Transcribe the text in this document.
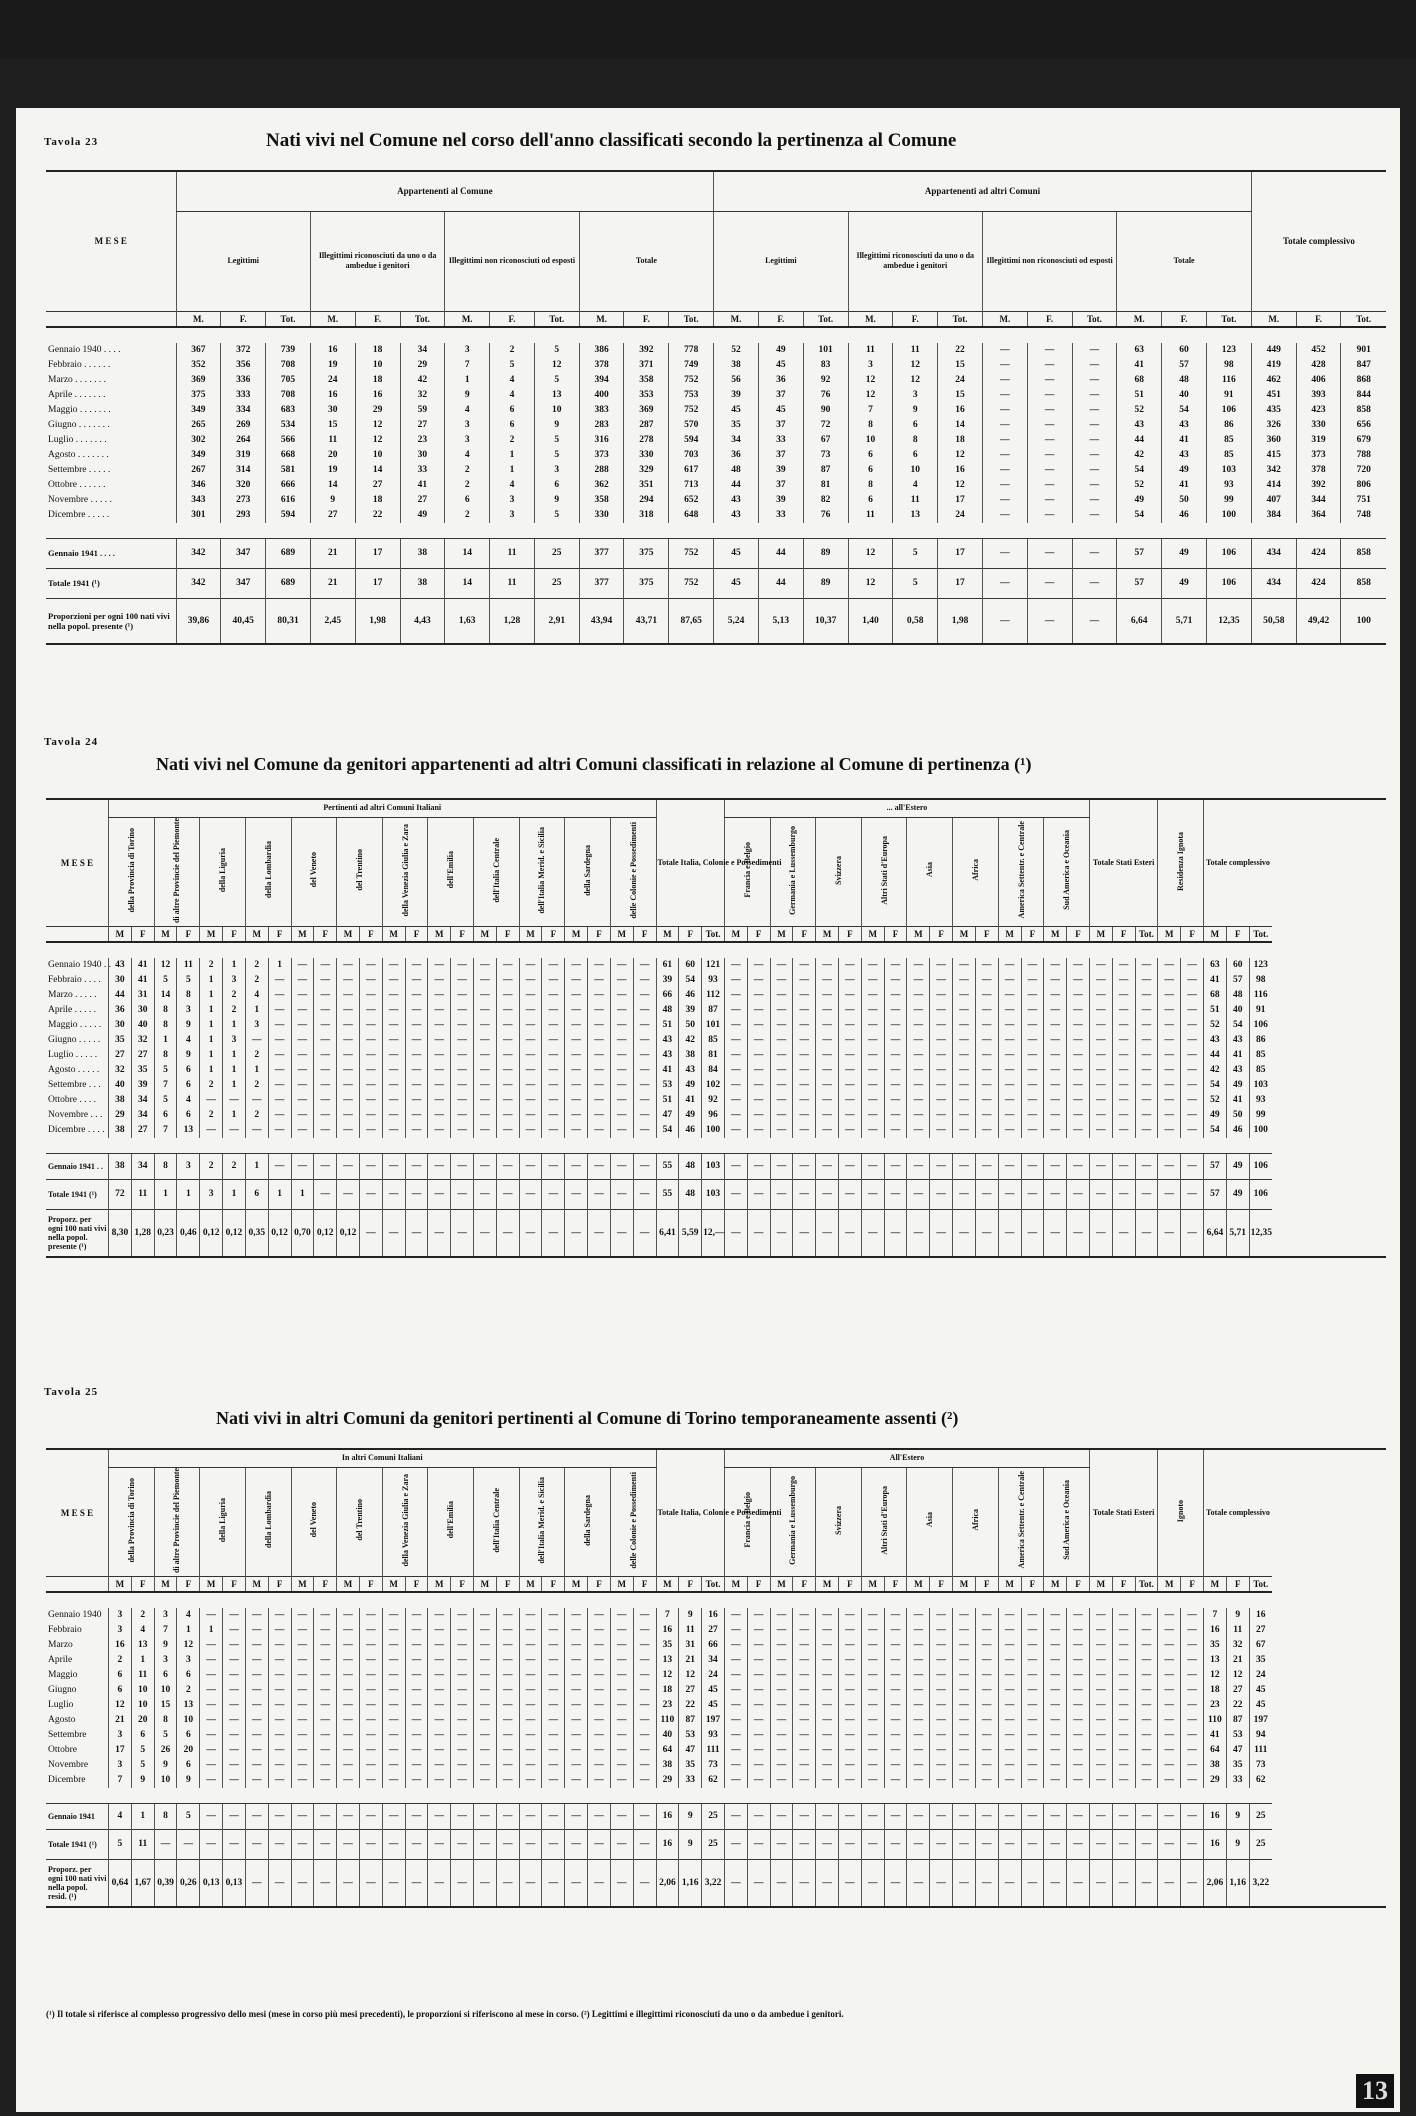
Tavola 23	Nati vivi nel Comune nel corso dell'anno classificati secondo la pertinenza al Comune
M E S E	Appartenenti al Comune												Appartenenti ad altri Comuni												Totale complessivo		
	Legittimi			Illegittimi riconosciuti da uno o da ambedue i genitori			Illegittimi non riconosciuti od esposti			Totale			Legittimi			Illegittimi riconosciuti da uno o da ambedue i genitori			Illegittimi non riconosciuti od esposti			Totale					
	M.	F.	Tot.	M.	F.	Tot.	M.	F.	Tot.	M.	F.	Tot.	M.	F.	Tot.	M.	F.	Tot.	M.	F.	Tot.	M.	F.	Tot.	M.	F.	Tot.

Gennaio 1940 . . . .	367	372	739	16	18	34	3	2	5	386	392	778	52	49	101	11	11	22	—	—	—	63	60	123	449	452	901
Febbraio . . . . . .	352	356	708	19	10	29	7	5	12	378	371	749	38	45	83	3	12	15	—	—	—	41	57	98	419	428	847
Marzo . . . . . . .	369	336	705	24	18	42	1	4	5	394	358	752	56	36	92	12	12	24	—	—	—	68	48	116	462	406	868
Aprile . . . . . . .	375	333	708	16	16	32	9	4	13	400	353	753	39	37	76	12	3	15	—	—	—	51	40	91	451	393	844
Maggio . . . . . . .	349	334	683	30	29	59	4	6	10	383	369	752	45	45	90	7	9	16	—	—	—	52	54	106	435	423	858
Giugno . . . . . . .	265	269	534	15	12	27	3	6	9	283	287	570	35	37	72	8	6	14	—	—	—	43	43	86	326	330	656
Luglio . . . . . . .	302	264	566	11	12	23	3	2	5	316	278	594	34	33	67	10	8	18	—	—	—	44	41	85	360	319	679
Agosto . . . . . . .	349	319	668	20	10	30	4	1	5	373	330	703	36	37	73	6	6	12	—	—	—	42	43	85	415	373	788
Settembre . . . . .	267	314	581	19	14	33	2	1	3	288	329	617	48	39	87	6	10	16	—	—	—	54	49	103	342	378	720
Ottobre . . . . . .	346	320	666	14	27	41	2	4	6	362	351	713	44	37	81	8	4	12	—	—	—	52	41	93	414	392	806
Novembre . . . . .	343	273	616	9	18	27	6	3	9	358	294	652	43	39	82	6	11	17	—	—	—	49	50	99	407	344	751
Dicembre . . . . .	301	293	594	27	22	49	2	3	5	330	318	648	43	33	76	11	13	24	—	—	—	54	46	100	384	364	748

Gennaio 1941 . . . .	342	347	689	21	17	38	14	11	25	377	375	752	45	44	89	12	5	17	—	—	—	57	49	106	434	424	858
Totale 1941 (¹)	342	347	689	21	17	38	14	11	25	377	375	752	45	44	89	12	5	17	—	—	—	57	49	106	434	424	858
Proporzioni per ogni 100 nati vivi nella popol. presente (¹)	39,86	40,45	80,31	2,45	1,98	4,43	1,63	1,28	2,91	43,94	43,71	87,65	5,24	5,13	10,37	1,40	0,58	1,98	—	—	—	6,64	5,71	12,35	50,58	49,42	100
Tavola 24
Nati vivi nel Comune da genitori appartenenti ad altri Comuni classificati in relazione al Comune di pertinenza (¹)
M E S E	Pertinenti ad altri Comuni Italiani																								Totale Italia, Colonie e Possedimenti			... all'Estero																Totale Stati Esteri			Residenza Ignota		Totale complessivo		
	della Provincia di Torino		di altre Provincie del Piemonte		della Liguria		della Lombardia		del Veneto		del Trentino		della Venezia Giulia e Zara		dell'Emilia		dell'Italia Centrale		dell'Italia Merid. e Sicilia		della Sardegna		delle Colonie e Possedimenti					Francia e Belgio		Germania e Lussemburgo		Svizzera		Altri Stati d'Europa		Asia		Africa		America Settentr. e Centrale		Sud America e Oceania									
	M	F	M	F	M	F	M	F	M	F	M	F	M	F	M	F	M	F	M	F	M	F	M	F	M	F	Tot.	M	F	M	F	M	F	M	F	M	F	M	F	M	F	M	F	M	F	Tot.	M	F	M	F	Tot.

Gennaio 1940 . .	43	41	12	11	2	1	2	1	—	—	—	—	—	—	—	—	—	—	—	—	—	—	—	—	61	60	121	—	—	—	—	—	—	—	—	—	—	—	—	—	—	—	—	—	—	—	—	—	63	60	123
Febbraio . . . .	30	41	5	5	1	3	2	—	—	—	—	—	—	—	—	—	—	—	—	—	—	—	—	—	39	54	93	—	—	—	—	—	—	—	—	—	—	—	—	—	—	—	—	—	—	—	—	—	41	57	98
Marzo . . . . .	44	31	14	8	1	2	4	—	—	—	—	—	—	—	—	—	—	—	—	—	—	—	—	—	66	46	112	—	—	—	—	—	—	—	—	—	—	—	—	—	—	—	—	—	—	—	—	—	68	48	116
Aprile . . . . .	36	30	8	3	1	2	1	—	—	—	—	—	—	—	—	—	—	—	—	—	—	—	—	—	48	39	87	—	—	—	—	—	—	—	—	—	—	—	—	—	—	—	—	—	—	—	—	—	51	40	91
Maggio . . . . .	30	40	8	9	1	1	3	—	—	—	—	—	—	—	—	—	—	—	—	—	—	—	—	—	51	50	101	—	—	—	—	—	—	—	—	—	—	—	—	—	—	—	—	—	—	—	—	—	52	54	106
Giugno . . . . .	35	32	1	4	1	3	—	—	—	—	—	—	—	—	—	—	—	—	—	—	—	—	—	—	43	42	85	—	—	—	—	—	—	—	—	—	—	—	—	—	—	—	—	—	—	—	—	—	43	43	86
Luglio . . . . .	27	27	8	9	1	1	2	—	—	—	—	—	—	—	—	—	—	—	—	—	—	—	—	—	43	38	81	—	—	—	—	—	—	—	—	—	—	—	—	—	—	—	—	—	—	—	—	—	44	41	85
Agosto . . . . .	32	35	5	6	1	1	1	—	—	—	—	—	—	—	—	—	—	—	—	—	—	—	—	—	41	43	84	—	—	—	—	—	—	—	—	—	—	—	—	—	—	—	—	—	—	—	—	—	42	43	85
Settembre . . .	40	39	7	6	2	1	2	—	—	—	—	—	—	—	—	—	—	—	—	—	—	—	—	—	53	49	102	—	—	—	—	—	—	—	—	—	—	—	—	—	—	—	—	—	—	—	—	—	54	49	103
Ottobre . . . .	38	34	5	4	—	—	—	—	—	—	—	—	—	—	—	—	—	—	—	—	—	—	—	—	51	41	92	—	—	—	—	—	—	—	—	—	—	—	—	—	—	—	—	—	—	—	—	—	52	41	93
Novembre . . .	29	34	6	6	2	1	2	—	—	—	—	—	—	—	—	—	—	—	—	—	—	—	—	—	47	49	96	—	—	—	—	—	—	—	—	—	—	—	—	—	—	—	—	—	—	—	—	—	49	50	99
Dicembre . . . .	38	27	7	13	—	—	—	—	—	—	—	—	—	—	—	—	—	—	—	—	—	—	—	—	54	46	100	—	—	—	—	—	—	—	—	—	—	—	—	—	—	—	—	—	—	—	—	—	54	46	100

Gennaio 1941 . .	38	34	8	3	2	2	1	—	—	—	—	—	—	—	—	—	—	—	—	—	—	—	—	—	55	48	103	—	—	—	—	—	—	—	—	—	—	—	—	—	—	—	—	—	—	—	—	—	57	49	106
Totale 1941 (¹)	72	11	1	1	3	1	6	1	1	—	—	—	—	—	—	—	—	—	—	—	—	—	—	—	55	48	103	—	—	—	—	—	—	—	—	—	—	—	—	—	—	—	—	—	—	—	—	—	57	49	106
Proporz. per ogni 100 nati vivi nella popol. presente (¹)	8,30	1,28	0,23	0,46	0,12	0,12	0,35	0,12	0,70	0,12	0,12	—	—	—	—	—	—	—	—	—	—	—	—	—	6,41	5,59	12,—	—	—	—	—	—	—	—	—	—	—	—	—	—	—	—	—	—	—	—	—	—	6,64	5,71	12,35
Tavola 25
Nati vivi in altri Comuni da genitori pertinenti al Comune di Torino temporaneamente assenti (²)
M E S E	In altri Comuni Italiani																								Totale Italia, Colonie e Possedimenti			All'Estero																Totale Stati Esteri			Ignoto		Totale complessivo		
	della Provincia di Torino		di altre Provincie del Piemonte		della Liguria		della Lombardia		del Veneto		del Trentino		della Venezia Giulia e Zara		dell'Emilia		dell'Italia Centrale		dell'Italia Merid. e Sicilia		della Sardegna		delle Colonie e Possedimenti					Francia e Belgio		Germania e Lussemburgo		Svizzera		Altri Stati d'Europa		Asia		Africa		America Settentr. e Centrale		Sud America e Oceania									
	M	F	M	F	M	F	M	F	M	F	M	F	M	F	M	F	M	F	M	F	M	F	M	F	M	F	Tot.	M	F	M	F	M	F	M	F	M	F	M	F	M	F	M	F	M	F	Tot.	M	F	M	F	Tot.

Gennaio 1940	3	2	3	4	—	—	—	—	—	—	—	—	—	—	—	—	—	—	—	—	—	—	—	—	7	9	16	—	—	—	—	—	—	—	—	—	—	—	—	—	—	—	—	—	—	—	—	—	7	9	16
Febbraio	3	4	7	1	1	—	—	—	—	—	—	—	—	—	—	—	—	—	—	—	—	—	—	—	16	11	27	—	—	—	—	—	—	—	—	—	—	—	—	—	—	—	—	—	—	—	—	—	16	11	27
Marzo	16	13	9	12	—	—	—	—	—	—	—	—	—	—	—	—	—	—	—	—	—	—	—	—	35	31	66	—	—	—	—	—	—	—	—	—	—	—	—	—	—	—	—	—	—	—	—	—	35	32	67
Aprile	2	1	3	3	—	—	—	—	—	—	—	—	—	—	—	—	—	—	—	—	—	—	—	—	13	21	34	—	—	—	—	—	—	—	—	—	—	—	—	—	—	—	—	—	—	—	—	—	13	21	35
Maggio	6	11	6	6	—	—	—	—	—	—	—	—	—	—	—	—	—	—	—	—	—	—	—	—	12	12	24	—	—	—	—	—	—	—	—	—	—	—	—	—	—	—	—	—	—	—	—	—	12	12	24
Giugno	6	10	10	2	—	—	—	—	—	—	—	—	—	—	—	—	—	—	—	—	—	—	—	—	18	27	45	—	—	—	—	—	—	—	—	—	—	—	—	—	—	—	—	—	—	—	—	—	18	27	45
Luglio	12	10	15	13	—	—	—	—	—	—	—	—	—	—	—	—	—	—	—	—	—	—	—	—	23	22	45	—	—	—	—	—	—	—	—	—	—	—	—	—	—	—	—	—	—	—	—	—	23	22	45
Agosto	21	20	8	10	—	—	—	—	—	—	—	—	—	—	—	—	—	—	—	—	—	—	—	—	110	87	197	—	—	—	—	—	—	—	—	—	—	—	—	—	—	—	—	—	—	—	—	—	110	87	197
Settembre	3	6	5	6	—	—	—	—	—	—	—	—	—	—	—	—	—	—	—	—	—	—	—	—	40	53	93	—	—	—	—	—	—	—	—	—	—	—	—	—	—	—	—	—	—	—	—	—	41	53	94
Ottobre	17	5	26	20	—	—	—	—	—	—	—	—	—	—	—	—	—	—	—	—	—	—	—	—	64	47	111	—	—	—	—	—	—	—	—	—	—	—	—	—	—	—	—	—	—	—	—	—	64	47	111
Novembre	3	5	9	6	—	—	—	—	—	—	—	—	—	—	—	—	—	—	—	—	—	—	—	—	38	35	73	—	—	—	—	—	—	—	—	—	—	—	—	—	—	—	—	—	—	—	—	—	38	35	73
Dicembre	7	9	10	9	—	—	—	—	—	—	—	—	—	—	—	—	—	—	—	—	—	—	—	—	29	33	62	—	—	—	—	—	—	—	—	—	—	—	—	—	—	—	—	—	—	—	—	—	29	33	62

Gennaio 1941	4	1	8	5	—	—	—	—	—	—	—	—	—	—	—	—	—	—	—	—	—	—	—	—	16	9	25	—	—	—	—	—	—	—	—	—	—	—	—	—	—	—	—	—	—	—	—	—	16	9	25
Totale 1941 (¹)	5	11	—	—	—	—	—	—	—	—	—	—	—	—	—	—	—	—	—	—	—	—	—	—	16	9	25	—	—	—	—	—	—	—	—	—	—	—	—	—	—	—	—	—	—	—	—	—	16	9	25
Proporz. per ogni 100 nati vivi nella popol. resid. (¹)	0,64	1,67	0,39	0,26	0,13	0,13	—	—	—	—	—	—	—	—	—	—	—	—	—	—	—	—	—	—	2,06	1,16	3,22	—	—	—	—	—	—	—	—	—	—	—	—	—	—	—	—	—	—	—	—	—	2,06	1,16	3,22
(¹) Il totale si riferisce al complesso progressivo dello mesi (mese in corso più mesi precedenti), le proporzioni si riferiscono al mese in corso. (²) Legittimi e illegittimi riconosciuti da uno o da ambedue i genitori.
13
